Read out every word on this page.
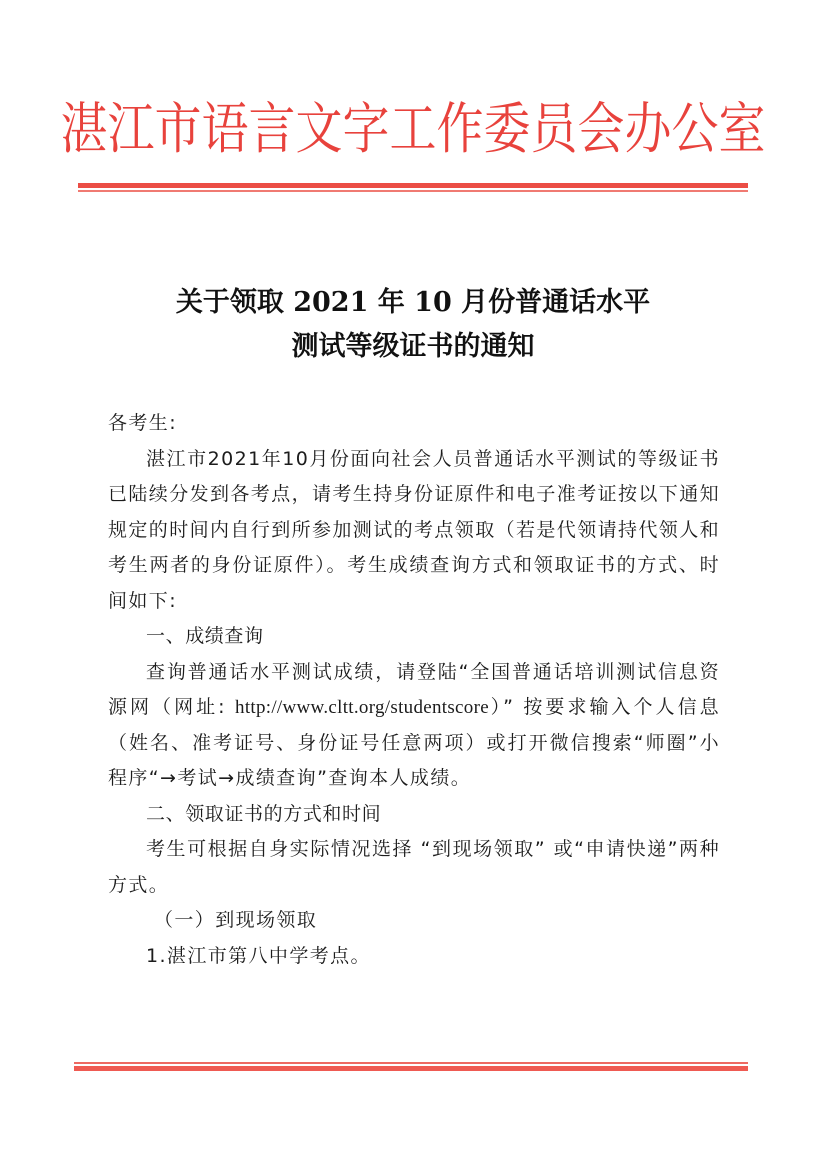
湛江市语言文字工作委员会办公室
关于领取 2021 年 10 月份普通话水平
测试等级证书的通知

各考生:

湛江市2021年10月份面向社会人员普通话水平测试的等级证书已陆续分发到各考点，请考生持身份证原件和电子准考证按以下通知规定的时间内自行到所参加测试的考点领取（若是代领请持代领人和考生两者的身份证原件）。考生成绩查询方式和领取证书的方式、时间如下:

一、成绩查询

查询普通话水平测试成绩，请登陆“全国普通话培训测试信息资源网（网址: http://www.cltt.org/studentscore）” 按要求输入个人信息（姓名、准考证号、身份证号任意两项）或打开微信搜索“师圈”小程序“→考试→成绩查询”查询本人成绩。

二、领取证书的方式和时间

考生可根据自身实际情况选择 “到现场领取” 或“申请快递”两种方式。

（一）到现场领取

1.湛江市第八中学考点。
